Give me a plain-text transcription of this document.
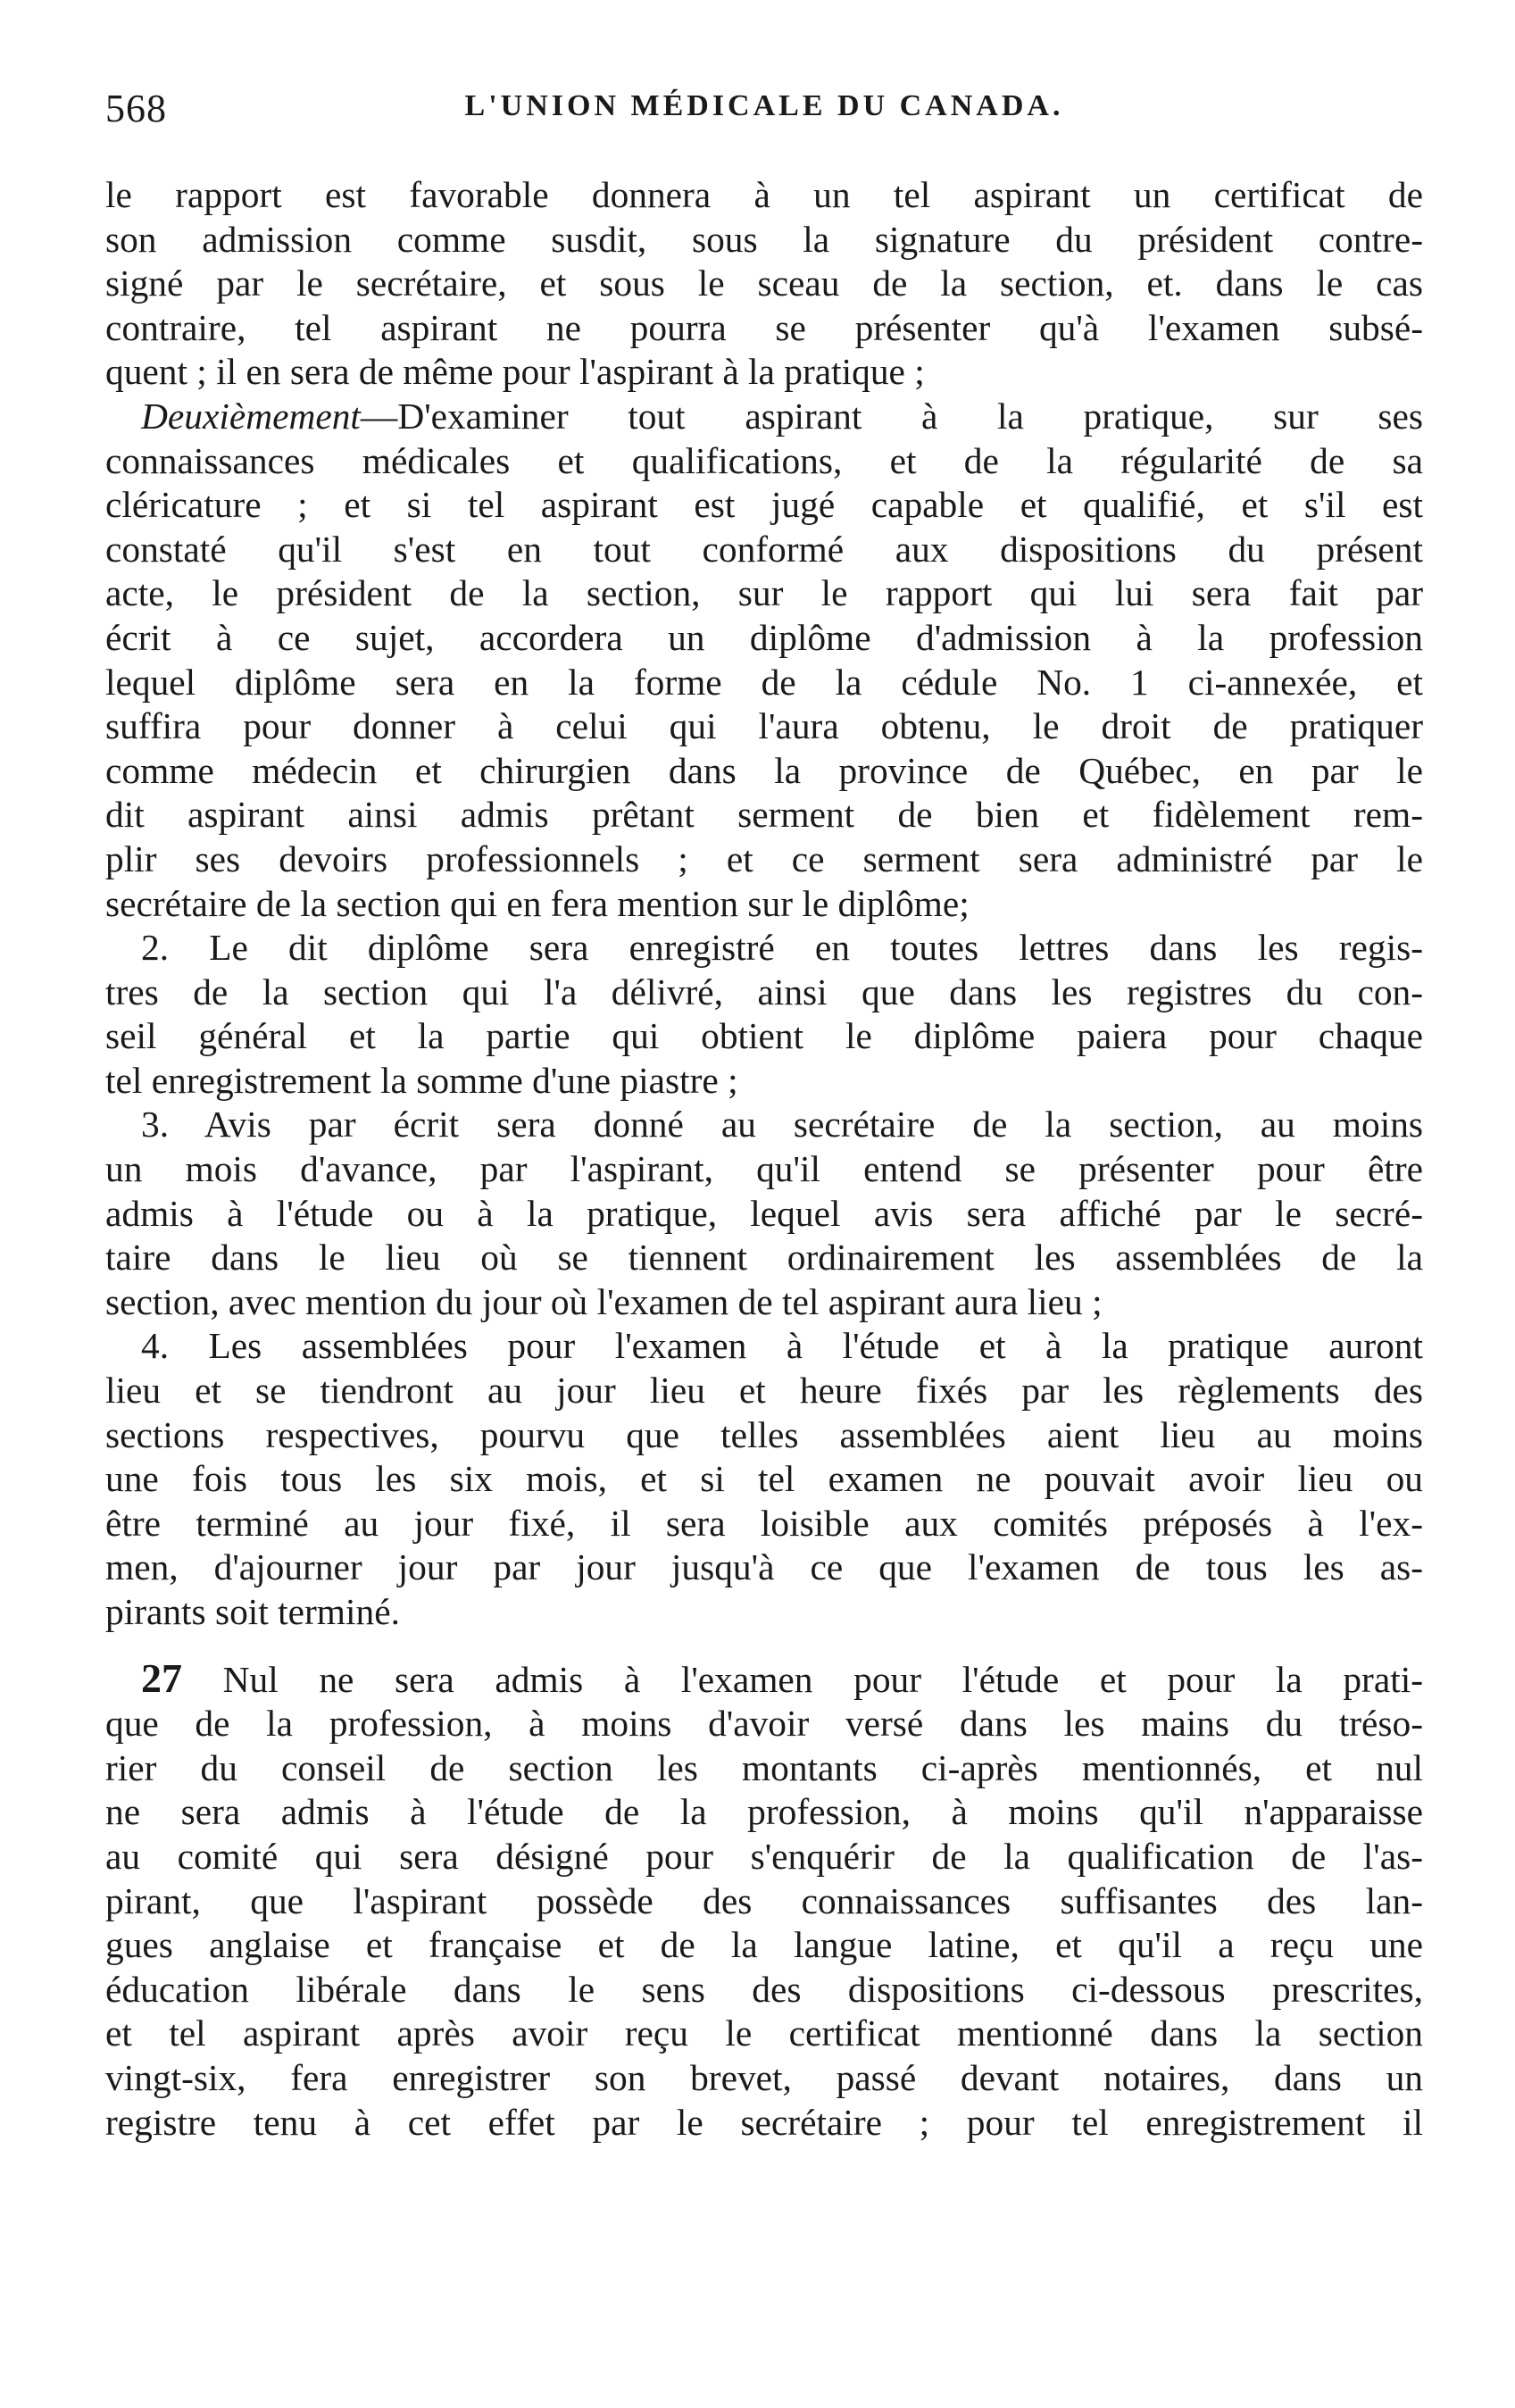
568	L'UNION MÉDICALE DU CANADA.
le rapport est favorable donnera à un tel aspirant un certificat de
son admission comme susdit, sous la signature du président contre-
signé par le secrétaire, et sous le sceau de la section, et. dans le cas
contraire, tel aspirant ne pourra se présenter qu'à l'examen subsé-
quent ; il en sera de même pour l'aspirant à la pratique ;
Deuxièmement—D'examiner tout aspirant à la pratique, sur ses
connaissances médicales et qualifications, et de la régularité de sa
cléricature ; et si tel aspirant est jugé capable et qualifié, et s'il est
constaté qu'il s'est en tout conformé aux dispositions du présent
acte, le président de la section, sur le rapport qui lui sera fait par
écrit à ce sujet, accordera un diplôme d'admission à la profession
lequel diplôme sera en la forme de la cédule No. 1 ci-annexée, et
suffira pour donner à celui qui l'aura obtenu, le droit de pratiquer
comme médecin et chirurgien dans la province de Québec, en par le
dit aspirant ainsi admis prêtant serment de bien et fidèlement rem-
plir ses devoirs professionnels ; et ce serment sera administré par le
secrétaire de la section qui en fera mention sur le diplôme;
2. Le dit diplôme sera enregistré en toutes lettres dans les regis-
tres de la section qui l'a délivré, ainsi que dans les registres du con-
seil général et la partie qui obtient le diplôme paiera pour chaque
tel enregistrement la somme d'une piastre ;
3. Avis par écrit sera donné au secrétaire de la section, au moins
un mois d'avance, par l'aspirant, qu'il entend se présenter pour être
admis à l'étude ou à la pratique, lequel avis sera affiché par le secré-
taire dans le lieu où se tiennent ordinairement les assemblées de la
section, avec mention du jour où l'examen de tel aspirant aura lieu ;
4. Les assemblées pour l'examen à l'étude et à la pratique auront
lieu et se tiendront au jour lieu et heure fixés par les règlements des
sections respectives, pourvu que telles assemblées aient lieu au moins
une fois tous les six mois, et si tel examen ne pouvait avoir lieu ou
être terminé au jour fixé, il sera loisible aux comités préposés à l'ex-
men, d'ajourner jour par jour jusqu'à ce que l'examen de tous les as-
pirants soit terminé.
27 Nul ne sera admis à l'examen pour l'étude et pour la prati-
que de la profession, à moins d'avoir versé dans les mains du tréso-
rier du conseil de section les montants ci-après mentionnés, et nul
ne sera admis à l'étude de la profession, à moins qu'il n'apparaisse
au comité qui sera désigné pour s'enquérir de la qualification de l'as-
pirant, que l'aspirant possède des connaissances suffisantes des lan-
gues anglaise et française et de la langue latine, et qu'il a reçu une
éducation libérale dans le sens des dispositions ci-dessous prescrites,
et tel aspirant après avoir reçu le certificat mentionné dans la section
vingt-six, fera enregistrer son brevet, passé devant notaires, dans un
registre tenu à cet effet par le secrétaire ; pour tel enregistrement il
